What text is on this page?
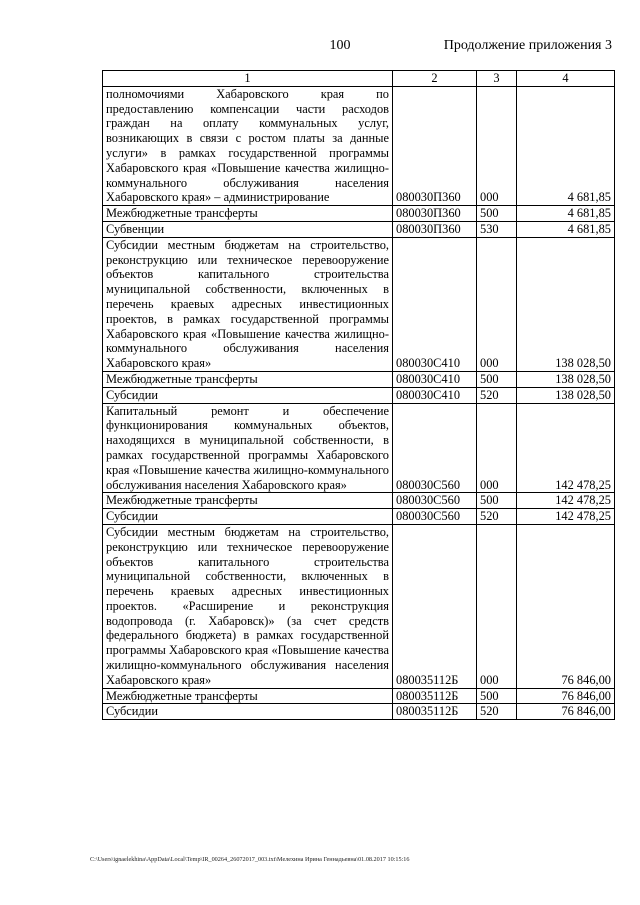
100	Продолжение приложения 3
1	2	3	4
полномочиями Хабаровского края по предоставлению компенсации части расходов граждан на оплату коммунальных услуг, возникающих в связи с ростом платы за данные услуги» в рамках государственной программы Хабаровского края «Повышение качества жилищно-коммунального обслуживания населения Хабаровского края» – администрирование	080030П360	000	4 681,85
Межбюджетные трансферты	080030П360	500	4 681,85
Субвенции	080030П360	530	4 681,85
Субсидии местным бюджетам на строительство, реконструкцию или техническое перевооружение объектов капитального строительства муниципальной собственности, включенных в перечень краевых адресных инвестиционных проектов, в рамках государственной программы Хабаровского края «Повышение качества жилищно-коммунального обслуживания населения Хабаровского края»	080030С410	000	138 028,50
Межбюджетные трансферты	080030С410	500	138 028,50
Субсидии	080030С410	520	138 028,50
Капитальный ремонт и обеспечение функционирования коммунальных объектов, находящихся в муниципальной собственности, в рамках государственной программы Хабаровского края «Повышение качества жилищно-коммунального обслуживания населения Хабаровского края»	080030С560	000	142 478,25
Межбюджетные трансферты	080030С560	500	142 478,25
Субсидии	080030С560	520	142 478,25
Субсидии местным бюджетам на строительство, реконструкцию или техническое перевооружение объектов капитального строительства муниципальной собственности, включенных в перечень краевых адресных инвестиционных проектов. «Расширение и реконструкция водопровода (г. Хабаровск)» (за счет средств федерального бюджета) в рамках государственной программы Хабаровского края «Повышение качества жилищно-коммунального обслуживания населения Хабаровского края»	080035112Б	000	76 846,00
Межбюджетные трансферты	080035112Б	500	76 846,00
Субсидии	080035112Б	520	76 846,00
C:\Users\ignaelekhina\AppData\Local\Temp\IR_00264_26072017_003.txt\Мелехина Ирина Геннадьевна\01.08.2017 10:15:16
